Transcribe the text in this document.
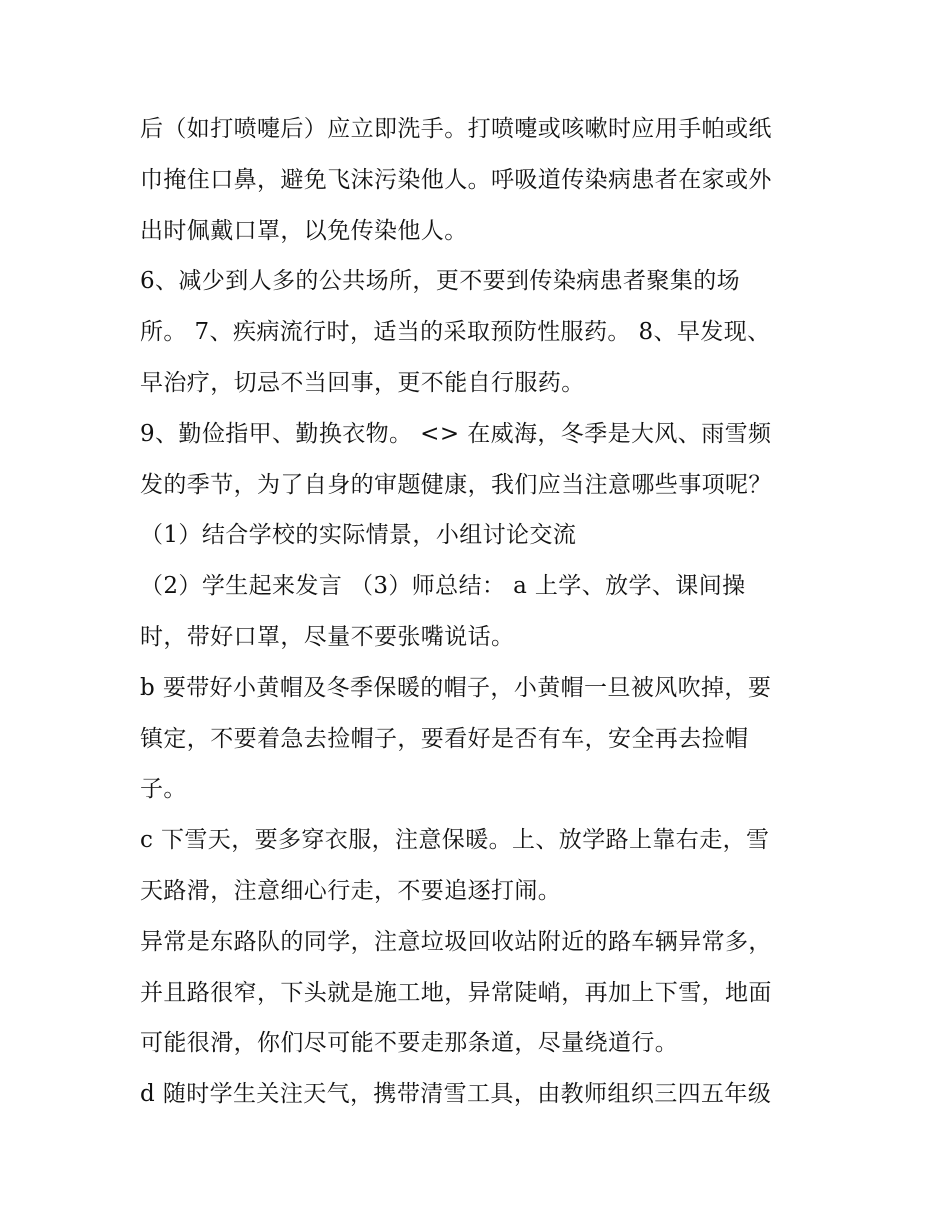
后（如打喷嚏后）应立即洗手。打喷嚏或咳嗽时应用手帕或纸
巾掩住口鼻，避免飞沫污染他人。呼吸道传染病患者在家或外
出时佩戴口罩，以免传染他人。
6、减少到人多的公共场所，更不要到传染病患者聚集的场
所。 7、疾病流行时，适当的采取预防性服药。 8、早发现、
早治疗，切忌不当回事，更不能自行服药。
9、勤俭指甲、勤换衣物。 <> 在威海，冬季是大风、雨雪频
发的季节，为了自身的审题健康，我们应当注意哪些事项呢？
（1）结合学校的实际情景，小组讨论交流
（2）学生起来发言 （3）师总结： a 上学、放学、课间操
时，带好口罩，尽量不要张嘴说话。
b 要带好小黄帽及冬季保暖的帽子，小黄帽一旦被风吹掉，要
镇定，不要着急去捡帽子，要看好是否有车，安全再去捡帽
子。
c 下雪天，要多穿衣服，注意保暖。上、放学路上靠右走，雪
天路滑，注意细心行走，不要追逐打闹。
异常是东路队的同学，注意垃圾回收站附近的路车辆异常多，
并且路很窄，下头就是施工地，异常陡峭，再加上下雪，地面
可能很滑，你们尽可能不要走那条道，尽量绕道行。
d 随时学生关注天气，携带清雪工具，由教师组织三四五年级
